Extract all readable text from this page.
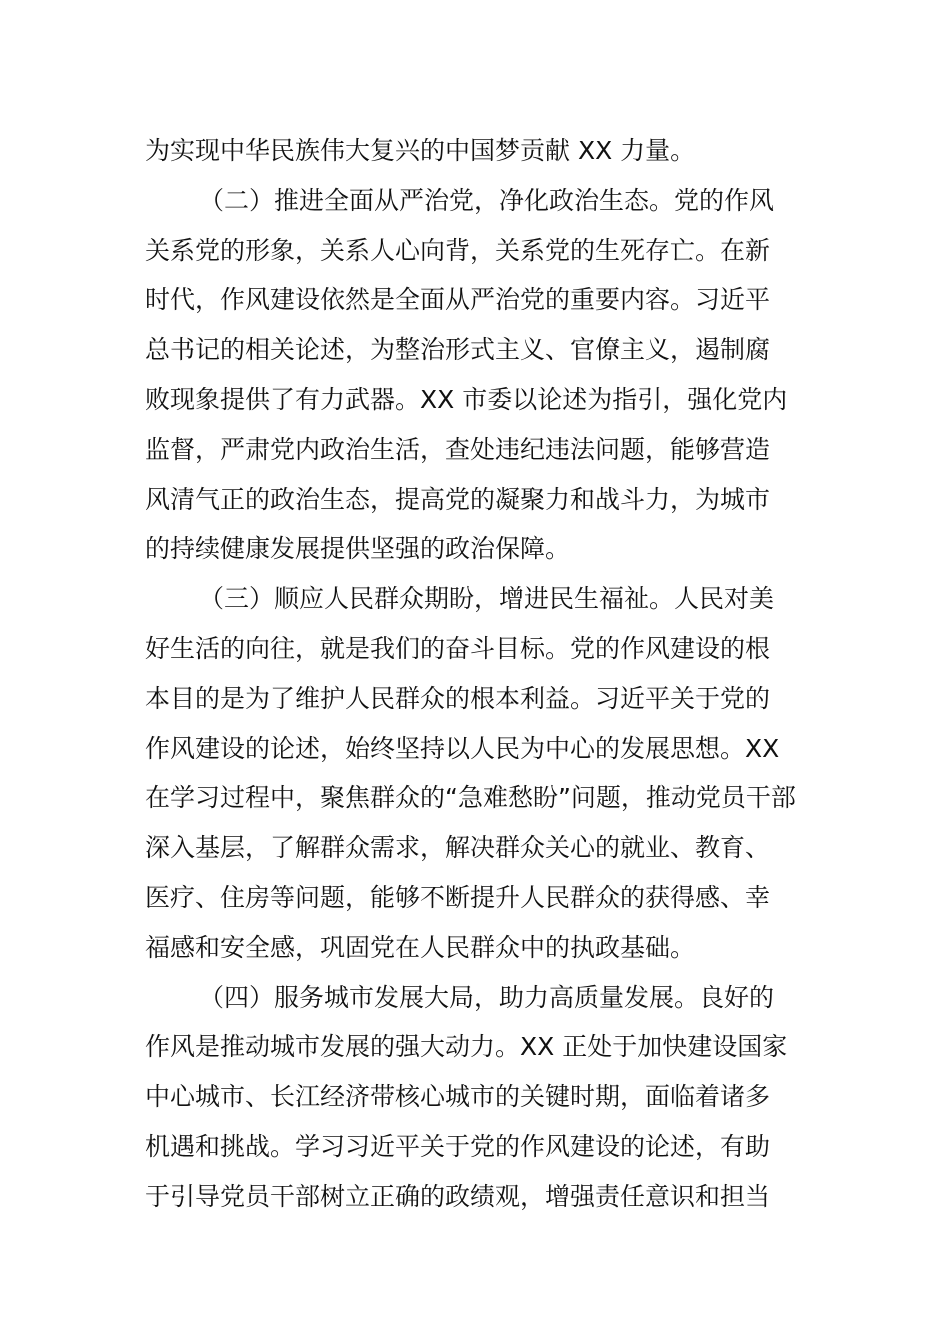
为实现中华民族伟大复兴的中国梦贡献 XX 力量。
（二）推进全面从严治党，净化政治生态。党的作风
关系党的形象，关系人心向背，关系党的生死存亡。在新
时代，作风建设依然是全面从严治党的重要内容。习近平
总书记的相关论述，为整治形式主义、官僚主义，遏制腐
败现象提供了有力武器。XX 市委以论述为指引，强化党内
监督，严肃党内政治生活，查处违纪违法问题，能够营造
风清气正的政治生态，提高党的凝聚力和战斗力，为城市
的持续健康发展提供坚强的政治保障。
（三）顺应人民群众期盼，增进民生福祉。人民对美
好生活的向往，就是我们的奋斗目标。党的作风建设的根
本目的是为了维护人民群众的根本利益。习近平关于党的
作风建设的论述，始终坚持以人民为中心的发展思想。XX
在学习过程中，聚焦群众的“急难愁盼”问题，推动党员干部
深入基层，了解群众需求，解决群众关心的就业、教育、
医疗、住房等问题，能够不断提升人民群众的获得感、幸
福感和安全感，巩固党在人民群众中的执政基础。
（四）服务城市发展大局，助力高质量发展。良好的
作风是推动城市发展的强大动力。XX 正处于加快建设国家
中心城市、长江经济带核心城市的关键时期，面临着诸多
机遇和挑战。学习习近平关于党的作风建设的论述，有助
于引导党员干部树立正确的政绩观，增强责任意识和担当
